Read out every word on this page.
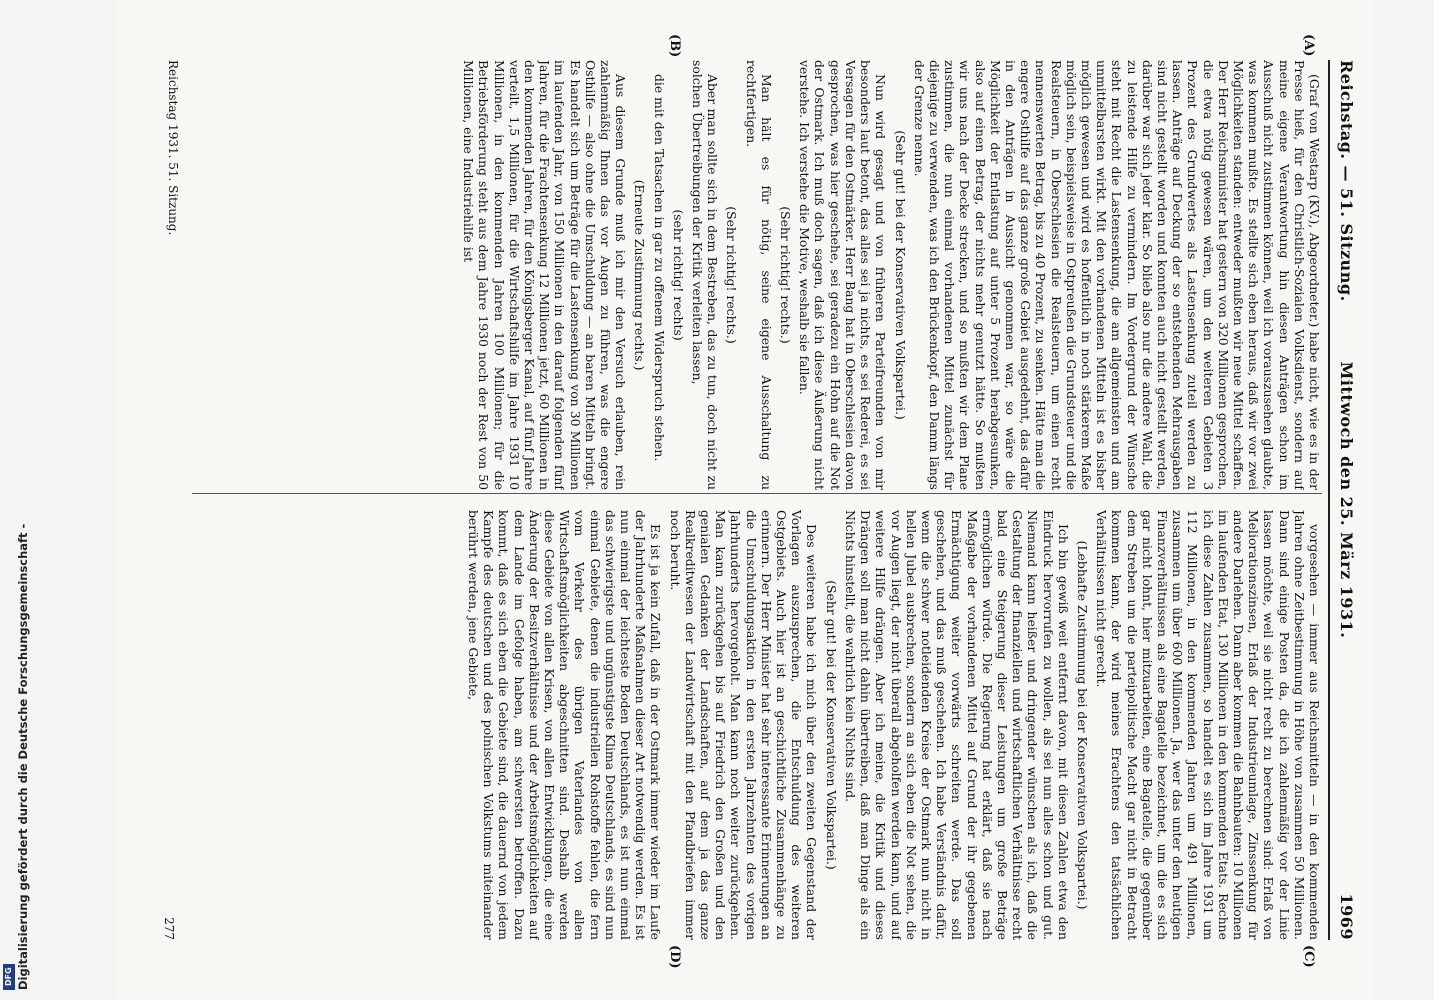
Digitalisierung gefördert durch die Deutsche Forschungsgemeinschaft -
DFG
Reichstag. — 51. Sitzung.
Mittwoch den 25. März 1931.
1969

(Graf von Westarp (KV.), Abgeordneter.) habe nicht, wie es in der Presse hieß, für den Christlich-Sozialen Volksdienst, sondern auf meine eigene Verantwortung hin diesen Anträgen schon im Ausschuß nicht zustimmen können, weil ich vorauszusehen glaubte, was kommen mußte. Es stellte sich eben heraus, daß wir vor zwei Möglichkeiten standen: entweder mußten wir neue Mittel schaffen. Der Herr Reichsminister hat gestern von 320 Millionen gesprochen, die etwa nötig gewesen wären, um den weiteren Gebieten 3 Prozent des Grundwertes als Lastensenkung zuteil werden zu lassen. Anträge auf Deckung der so entstehenden Mehrausgaben sind nicht gestellt worden und konnten auch nicht gestellt werden, darüber war sich jeder klar. So blieb also nur die andere Wahl, die zu leistende Hilfe zu vermindern. Im Vordergrund der Wünsche steht mit Recht die Lastensenkung, die am allgemeinsten und am unmittelbarsten wirkt. Mit den vorhandenen Mitteln ist es bisher möglich gewesen und wird es hoffentlich in noch stärkerem Maße möglich sein, beispielsweise in Ostpreußen die Grundsteuer und die Realsteuern, in Oberschlesien die Realsteuern, um einen recht nennenswerten Betrag, bis zu 40 Prozent, zu senken. Hätte man die engere Osthilfe auf das ganze große Gebiet ausgedehnt, das dafür in den Anträgen in Aussicht genommen war, so wäre die Möglichkeit der Entlastung auf unter 5 Prozent herabgesunken, also auf einen Betrag, der nichts mehr genutzt hätte. So mußten wir uns nach der Decke strecken, und so mußten wir dem Plane zustimmen, die nun einmal vorhandenen Mittel zunächst für diejenige zu verwenden, was ich den Brückenkopf, den Damm längs der Grenze nenne.

(Sehr gut! bei der Konservativen Volkspartei.)

Nun wird gesagt und von früheren Parteifreunden von mir besonders laut betont, das alles sei ja nichts, es sei Rederei, es sei Versagen für den Ostmärker. Herr Bang hat in Oberschlesien davon gesprochen, was hier geschehe, sei geradezu ein Hohn auf die Not der Ostmark. Ich muß doch sagen, daß ich diese Äußerung nicht verstehe. Ich verstehe die Motive, weshalb sie fallen.

(Sehr richtig! rechts.)

Man hält es für nötig, seine eigene Ausschaltung zu rechtfertigen.

(Sehr richtig! rechts.)

Aber man sollte sich in dem Bestreben, das zu tun, doch nicht zu solchen Übertreibungen der Kritik verleiten lassen,

(sehr richtig! rechts)

die mit den Tatsachen in gar zu offenem Widerspruch stehen.

(Erneute Zustimmung rechts.)

Aus diesem Grunde muß ich mir den Versuch erlauben, rein zahlenmäßig Ihnen das vor Augen zu führen, was die engere Osthilfe — also ohne die Umschuldung — an baren Mitteln bringt. Es handelt sich um Beträge für die Lastensenkung von 30 Millionen im laufenden Jahr, von 150 Millionen in den darauf folgenden fünf Jahren, für die Frachtensenkung 12 Millionen jetzt, 60 Millionen in den kommenden Jahren, für den Königsberger Kanal, auf fünf Jahre verteilt, 1,5 Millionen, für die Wirtschaftshilfe im Jahre 1931 10 Millionen, in den kommenden Jahren 100 Millionen; für die Betriebsförderung steht aus dem Jahre 1930 noch der Rest von 50 Millionen, eine Industriehilfe ist

vorgesehen — immer aus Reichsmitteln — in den kommenden Jahren ohne Zeitbestimmung in Höhe von zusammen 50 Millionen. Dann sind einige Posten da, die ich zahlenmäßig vor der Linie lassen möchte, weil sie nicht recht zu berechnen sind: Erlaß von Meliorationszinsen, Erlaß der Industrieumlage, Zinssenkung für andere Darlehen. Dann aber kommen die Bahnbauten: 10 Millionen im laufenden Etat, 130 Millionen in den kommenden Etats. Rechne ich diese Zahlen zusammen, so handelt es sich im Jahre 1931 um 112 Millionen, in den kommenden Jahren um 491 Millionen, zusammen um über 600 Millionen. Ja, wer das unter den heutigen Finanzverhältnissen als eine Bagatelle bezeichnet, um die es sich gar nicht lohnt, hier mitzuarbeiten, eine Bagatelle, die gegenüber dem Streben um die parteipolitische Macht gar nicht in Betracht kommen kann, der wird meines Erachtens den tatsächlichen Verhältnissen nicht gerecht.

(Lebhafte Zustimmung bei der Konservativen Volkspartei.)

Ich bin gewiß weit entfernt davon, mit diesen Zahlen etwa den Eindruck hervorrufen zu wollen, als sei nun alles schon und gut. Niemand kann heißer und dringender wünschen als ich, daß die Gestaltung der finanziellen und wirtschaftlichen Verhältnisse recht bald eine Steigerung dieser Leistungen um große Beträge ermöglichen würde. Die Regierung hat erklärt, daß sie nach Maßgabe der vorhandenen Mittel auf Grund der ihr gegebenen Ermächtigung weiter vorwärts schreiten werde. Das soll geschehen, und das muß geschehen. Ich habe Verständnis dafür, wenn die schwer notleidenden Kreise der Ostmark nun nicht in hellen Jubel ausbrechen, sondern an sich eben die Not sehen, die vor Augen liegt, der nicht überall abgeholfen werden kann, und auf weitere Hilfe drängen. Aber ich meine, die Kritik und dieses Drängen soll man nicht dahin übertreiben, daß man Dinge als ein Nichts hinstellt, die wahrlich kein Nichts sind.

(Sehr gut! bei der Konservativen Volkspartei.)

Des weiteren habe ich mich über den zweiten Gegenstand der Vorlagen auszusprechen, die Entschuldung des weiteren Ostgebiets. Auch hier ist an geschichtliche Zusammenhänge zu erinnern. Der Herr Minister hat sehr interessante Erinnerungen an die Umschuldungsaktion in den ersten Jahrzehnten des vorigen Jahrhunderts hervorgeholt. Man kann noch weiter zurückgehen. Man kann zurückgehen bis auf Friedrich den Großen und den genialen Gedanken der Landschaften, auf dem ja das ganze Realkreditwesen der Landwirtschaft mit den Pfandbriefen immer noch beruht.

Es ist ja kein Zufall, daß in der Ostmark immer wieder im Laufe der Jahrhunderte Maßnahmen dieser Art notwendig werden. Es ist nun einmal der leichteste Boden Deutschlands, es ist nun einmal das schwierigste und ungünstigste Klima Deutschlands, es sind nun einmal Gebiete, denen die industriellen Rohstoffe fehlen, die fern vom Verkehr des übrigen Vaterlandes von allen Wirtschaftsmöglichkeiten abgeschnitten sind. Deshalb werden diese Gebiete von allen Krisen, von allen Entwicklungen, die eine Änderung der Besitzverhältnisse und der Arbeitsmöglichkeiten auf dem Lande im Gefolge haben, am schwersten betroffen. Dazu kommt, daß es sich eben die Gebiete sind, die dauernd von jedem Kampfe des deutschen und des polnischen Volkstums miteinander berührt werden, jene Gebiete,

(A)
(B)
(C)
(D)
Reichstag 1931. 51. Sitzung.
277
